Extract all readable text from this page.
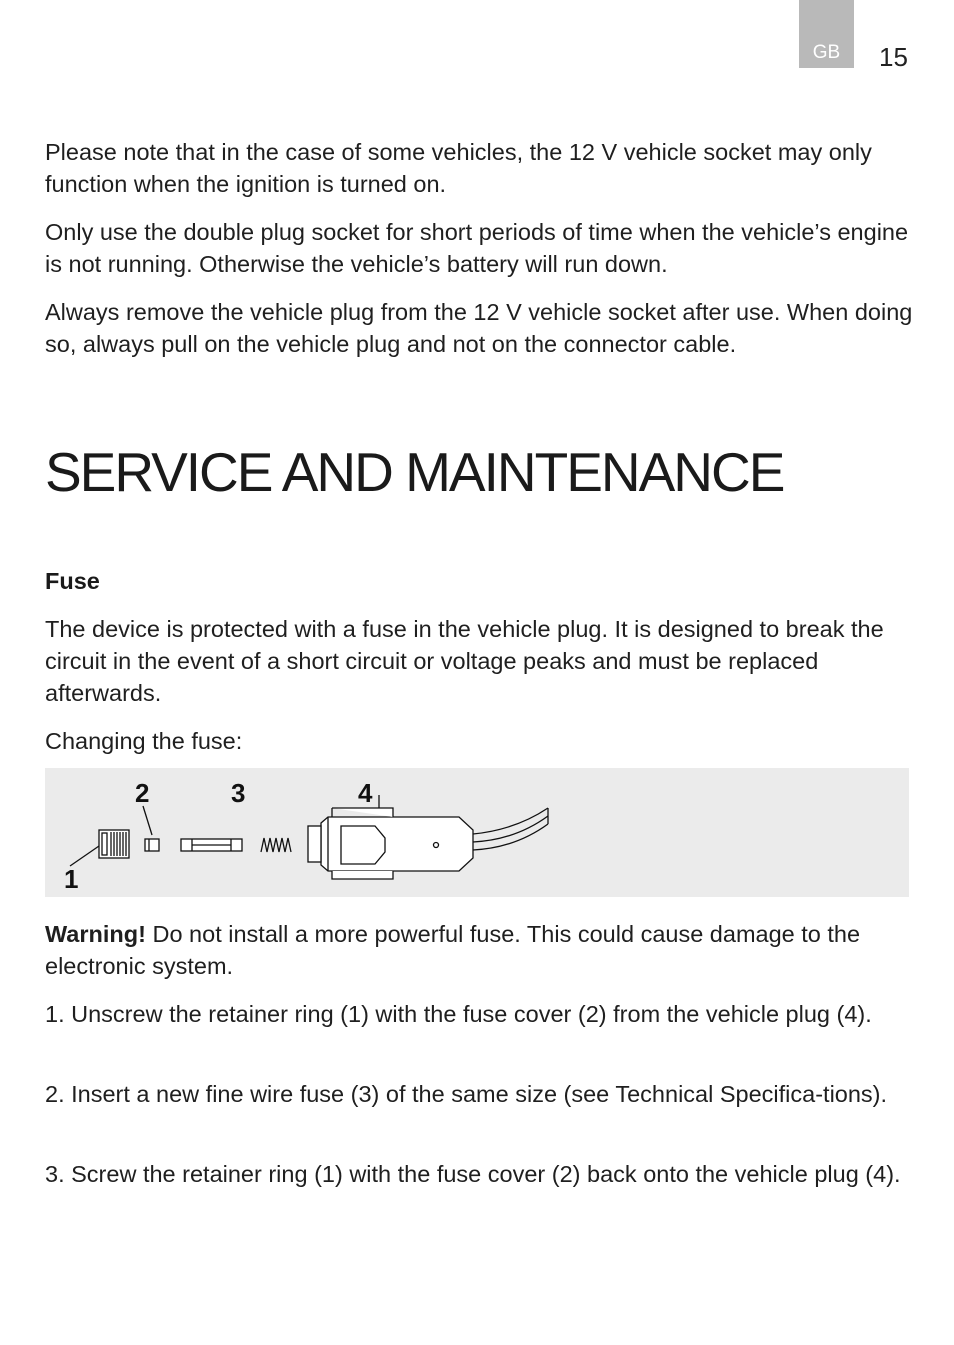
GB 15

Please note that in the case of some vehicles, the 12 V vehicle socket may only function when the ignition is turned on.

Only use the double plug socket for short periods of time when the vehicle’s engine is not running. Otherwise the vehicle’s battery will run down.

Always remove the vehicle plug from the 12 V vehicle socket after use. When doing so, always pull on the vehicle plug and not on the connector cable.

SERVICE AND MAINTENANCE
Fuse

The device is protected with a fuse in the vehicle plug. It is designed to break the circuit in the event of a short circuit or voltage peaks and must be replaced afterwards.

Changing the fuse:

1
2	3	4

Warning! Do not install a more powerful fuse. This could cause damage to the electronic system.

1. Unscrew the retainer ring (1) with the fuse cover (2) from the vehicle plug (4).

2. Insert a new fine wire fuse (3) of the same size (see Technical Specifica-tions).

3. Screw the retainer ring (1) with the fuse cover (2) back onto the vehicle plug (4).
